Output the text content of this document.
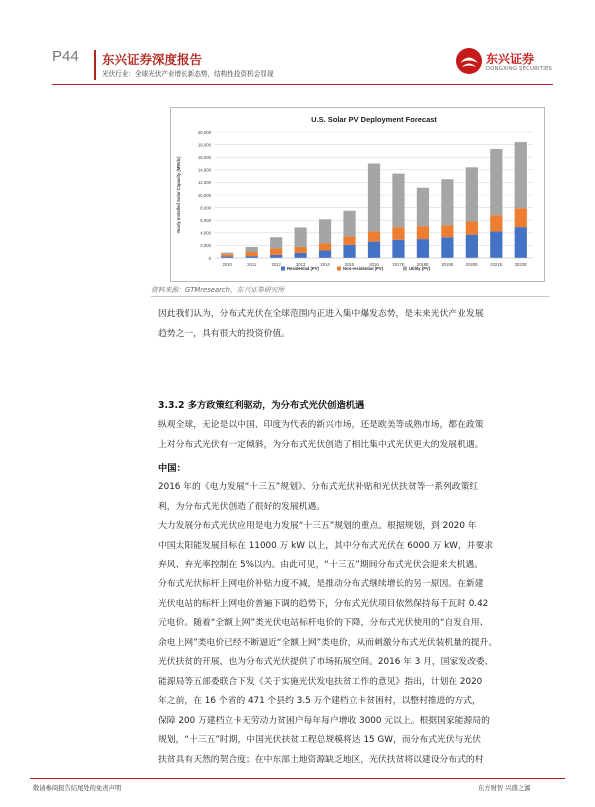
P44 东兴证券深度报告
光伏行业：全球光伏产业增长新态势，结构性投资机会显现
东兴证券
DONGXING SECURITIES
U.S. Solar PV Deployment Forecast
0
2,000
4,000
6,000
8,000
10,000
12,000
14,000
16,000
18,000
20,000
Yearly Installed Solar Capacity (MWdc)
2010	2011	2012	2013	2014	2015	2016	2017E	2018E	2019E	2020E	2021E	2022E
Residential (PV)	Non-residential (PV)	Utility (PV)
资料来源：GTMresearch，东兴证券研究所

因此我们认为，分布式光伏在全球范围内正进入集中爆发态势，是未来光伏产业发展
趋势之一，具有很大的投资价值。

3.3.2 多方政策红利驱动，为分布式光伏创造机遇

纵观全球，无论是以中国、印度为代表的新兴市场，还是欧美等成熟市场，都在政策
上对分布式光伏有一定倾斜，为分布式光伏创造了相比集中式光伏更大的发展机遇。

中国：

2016 年的《电力发展“十三五”规划》、分布式光伏补贴和光伏扶贫等一系列政策红
利，为分布式光伏创造了很好的发展机遇。

大力发展分布式光伏应用是电力发展“十三五”规划的重点。根据规划，到 2020 年
中国太阳能发展目标在 11000 万 kW 以上，其中分布式光伏在 6000 万 kW，并要求
弃风、弃光率控制在 5%以内。由此可见，“十三五”期间分布式光伏会迎来大机遇。

分布式光伏标杆上网电价补贴力度不减，是推动分布式继续增长的另一原因。在新建
光伏电站的标杆上网电价普遍下调的趋势下，分布式光伏项目依然保持每千瓦时 0.42
元电价。随着“全额上网”类光伏电站标杆电价的下降，分布式光伏使用的“自发自用、
余电上网”类电价已经不断逼近“全额上网”类电价，从而刺激分布式光伏装机量的提升。

光伏扶贫的开展，也为分布式光伏提供了市场拓展空间。2016 年 3 月，国家发改委、
能源局等五部委联合下发《关于实施光伏发电扶贫工作的意见》指出，计划在 2020
年之前，在 16 个省的 471 个县约 3.5 万个建档立卡贫困村，以整村推进的方式，
保障 200 万建档立卡无劳动力贫困户每年每户增收 3000 元以上。根据国家能源局的
规划，“十三五”时期，中国光伏扶贫工程总规模将达 15 GW，而分布式光伏与光伏
扶贫具有天然的契合度；在中东部土地资源缺乏地区，光伏扶贫将以建设分布式的村

敬请参阅报告结尾处的免责声明	东方财智 兴盛之源
